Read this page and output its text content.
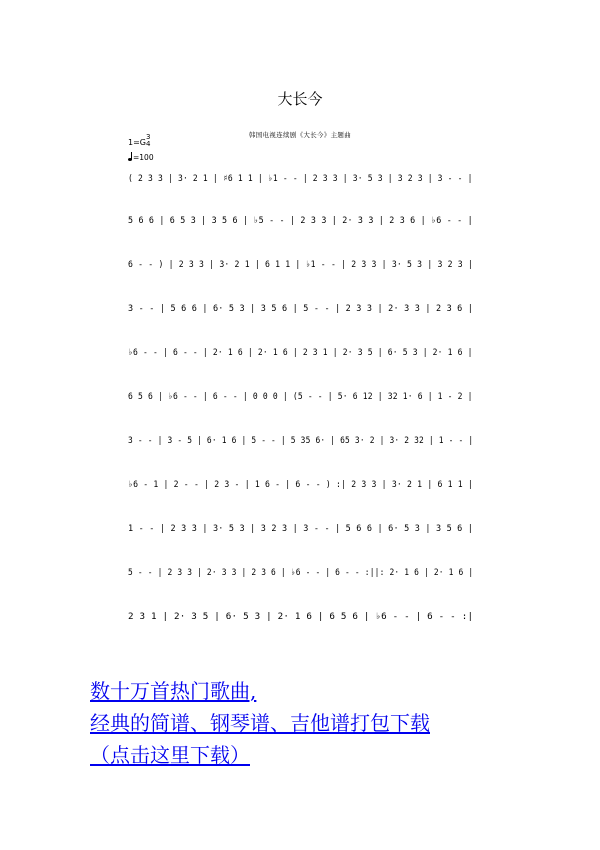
大长今
韩国电视连续剧《大长今》主题曲
1=G
3
4
=100
( 2 3 3 | 3· 2 1 | ♯6 1 1 | ♭1 - - | 2 3 3 | 3· 5 3 | 3 2 3 | 3 - - |
5 6 6 | 6 5 3 | 3 5 6 | ♭5 - - | 2 3 3 | 2· 3 3 | 2 3 6 | ♭6 - - |
6 - - ) | 2 3 3 | 3· 2 1 | 6 1 1 | ♭1 - - | 2 3 3 | 3· 5 3 | 3 2 3 |
3 - - | 5 6 6 | 6· 5 3 | 3 5 6 | 5 - - | 2 3 3 | 2· 3 3 | 2 3 6 |
♭6 - - | 6 - - | 2· 1 6 | 2· 1 6 | 2 3 1 | 2· 3 5 | 6· 5 3 | 2· 1 6 |
6 5 6 | ♭6 - - | 6 - - | 0 0 0 | (5 - - | 5· 6 12 | 32 1· 6 | 1 - 2 |
3 - - | 3 - 5 | 6· 1 6 | 5 - - | 5 35 6· | 65 3· 2 | 3· 2 32 | 1 - - |
♭6 - 1 | 2 - - | 2 3 - | 1 6 - | 6 - - ) :| 2 3 3 | 3· 2 1 | 6 1 1 |
1 - - | 2 3 3 | 3· 5 3 | 3 2 3 | 3 - - | 5 6 6 | 6· 5 3 | 3 5 6 |
5 - - | 2 3 3 | 2· 3 3 | 2 3 6 | ♭6 - - | 6 - - :||: 2· 1 6 | 2· 1 6 |
2 3 1 | 2· 3 5 | 6· 5 3 | 2· 1 6 | 6 5 6 | ♭6 - - | 6 - - :|
数十万首热门歌曲,
经典的简谱、钢琴谱、吉他谱打包下载
（点击这里下载）
